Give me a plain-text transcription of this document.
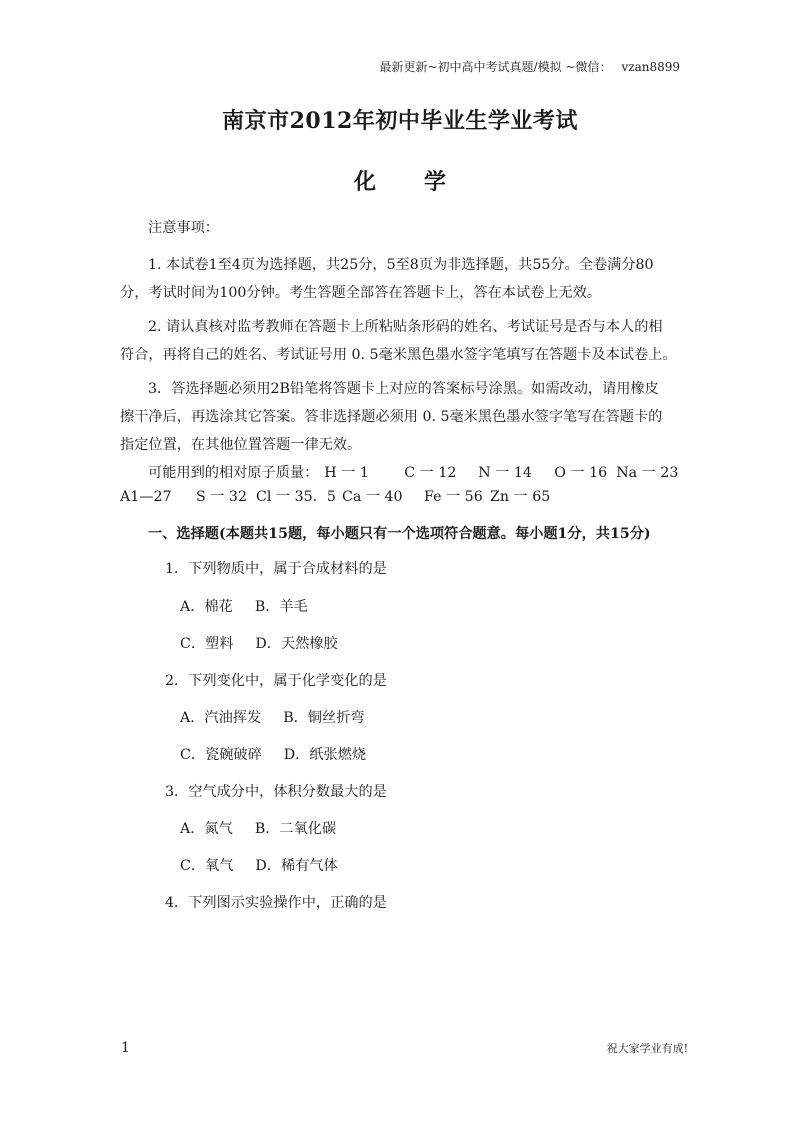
最新更新~初中高中考试真题/模拟 ~微信： vzan8899
南京市2012年初中毕业生学业考试
化 学
注意事项：
1. 本试卷1至4页为选择题，共25分，5至8页为非选择题，共55分。全卷满分80
分，考试时间为100分钟。考生答题全部答在答题卡上，答在本试卷上无效。
2. 请认真核对监考教师在答题卡上所粘贴条形码的姓名、考试证号是否与本人的相
符合，再将自己的姓名、考试证号用 0. 5毫米黑色墨水签字笔填写在答题卡及本试卷上。
3．答选择题必须用2B铅笔将答题卡上对应的答案标号涂黑。如需改动，请用橡皮
擦干净后，再选涂其它答案。答非选择题必须用 0. 5毫米黑色墨水签字笔写在答题卡的
指定位置，在其他位置答题一律无效。
可能用到的相对原子质量： H 一 1 C 一 12 N 一 14 O 一 16 Na 一 23
A1—27 S 一 32 Cl 一 35．5 Ca 一 40 Fe 一 56 Zn 一 65
一、选择题(本题共15题，每小题只有一个选项符合题意。每小题1分，共15分)
1．下列物质中，属于合成材料的是
A．棉花 B．羊毛
C．塑料 D．天然橡胶
2．下列变化中，属于化学变化的是
A．汽油挥发 B．铜丝折弯
C．瓷碗破碎 D．纸张燃烧
3．空气成分中，体积分数最大的是
A．氮气 B．二氧化碳
C．氧气 D．稀有气体
4．下列图示实验操作中，正确的是
1	祝大家学业有成!
